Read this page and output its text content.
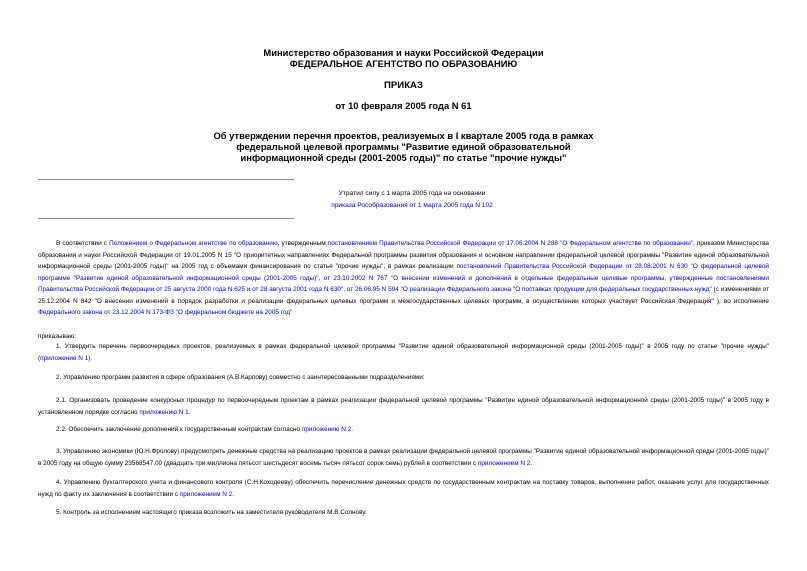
Министерство образования и науки Российской Федерации
ФЕДЕРАЛЬНОЕ АГЕНТСТВО ПО ОБРАЗОВАНИЮ
ПРИКАЗ
от 10 февраля 2005 года N 61
Об утверждении перечня проектов, реализуемых в I квартале 2005 года в рамках
федеральной целевой программы "Развитие единой образовательной
информационной среды (2001-2005 годы)" по статье "прочие нужды"
Утратил силу с 1 марта 2005 года на основании
приказа Рособразования от 1 марта 2005 года N 102
В соответствии с Положением о Федеральном агентстве по образованию, утвержденным постановлением Правительства Российской Федерации от 17.06.2004 N 288 "О Федеральном агентстве по образовании", приказом Министерства образования и науки Российской Федерации от 19.01.2005 N 15 "О приоритетных направлениях Федеральной программы развития образования и основном направлении федеральной целевой программы "Развитие единой образовательной информационной среды (2001-2005 годы)" на 2005 год с объемами финансирования по статье "прочие нужды", в рамках реализации постановлений Правительства Российской Федерации от 28.08.2001 N 630 "О федеральной целевой программе "Развитие единой образовательной информационной среды (2001-2005 годы)", от 23.10.2002 N 767 "О внесении изменений и дополнений в отдельные федеральные целевые программы, утвержденные постановлениями Правительства Российской Федерации от 25 августа 2000 года N 625 и от 28 августа 2001 года N 630", от 26.06.95 N 594 "О реализации Федерального закона "О поставках продукции для федеральных государственных нужд" (с изменениями от 25.12.2004 N 842 "О внесении изменений в порядок разработки и реализации федеральных целевых программ и межгосударственных целевых программ, в осуществлении которых участвует Российская Федерация" ), во исполнение Федерального закона от 23.12.2004 N 173-ФЗ "О федеральном бюджете на 2005 год"
приказываю:
1. Утвердить перечень первоочередных проектов, реализуемых в рамках федеральной целевой программы "Развитие единой образовательной информационной среды (2001-2005 годы)" в 2005 году по статье "прочие нужды" (приложение N 1).
2. Управлению программ развития в сфере образования (А.В.Карпову) совместно с заинтересованными подразделениями:
2.1. Организовать проведение конкурсных процедур по первоочередным проектам в рамках реализации федеральной целевой программы "Развитие единой образовательной информационной среды (2001-2005 годы)" в 2005 году в установленном порядке согласно приложению N 1.
2.2. Обеспечить заключение дополнений к государственным контрактам согласно приложению N 2.
3. Управлению экономики (Ю.Н.Фролову) предусмотреть денежные средства на реализацию проектов в рамках реализации федеральной целевой программы "Развитие единой образовательной информационной среды (2001-2005 годы)" в 2005 году на общую сумму 23568547,00 (двадцать три миллиона пятьсот шестьдесят восемь тысяч пятьсот сорок семь) рублей в соответствии с приложением N 2.
4. Управлению бухгалтерского учета и финансового контроля (С.Н.Коходееву) обеспечить перечисление денежных средств по государственным контрактам на поставку товаров, выполнение работ, оказание услуг для государственных нужд по факту их заключения в соответствии с приложением N 2.
5. Контроль за исполнением настоящего приказа возложить на заместителя руководителя М.В.Солнову.
